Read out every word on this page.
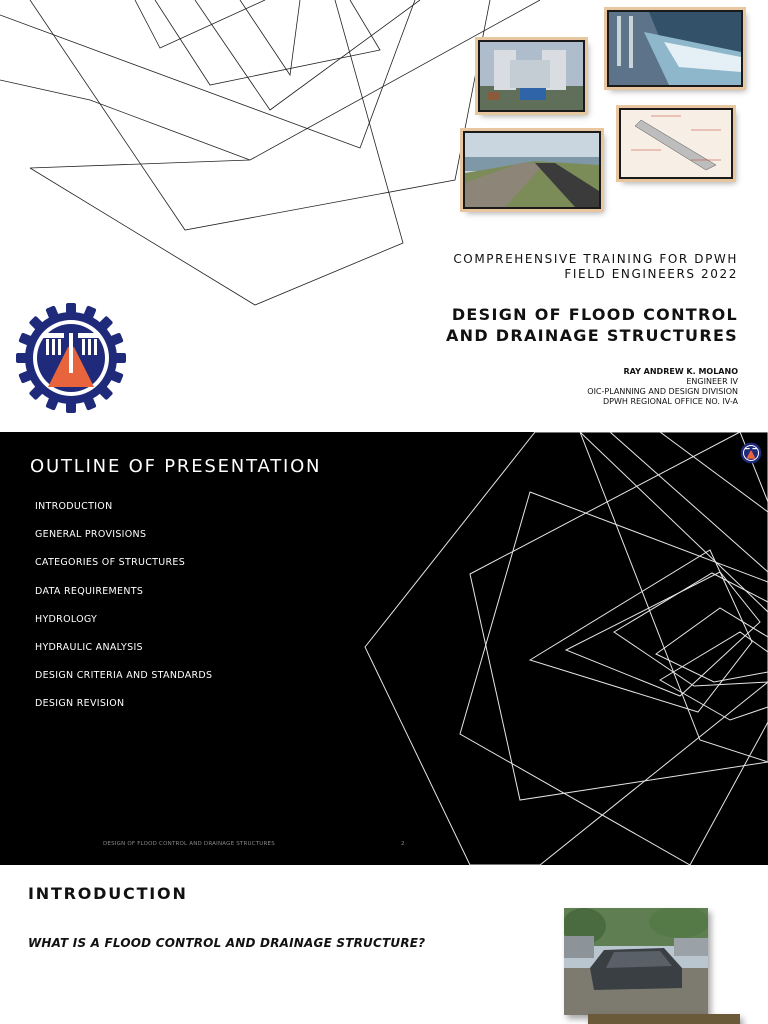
COMPREHENSIVE TRAINING FOR DPWH
FIELD ENGINEERS 2022
DESIGN OF FLOOD CONTROL
AND DRAINAGE STRUCTURES
RAY ANDREW K. MOLANO
ENGINEER IV
OIC-PLANNING AND DESIGN DIVISION
DPWH REGIONAL OFFICE NO. IV-A
OUTLINE OF PRESENTATION
INTRODUCTION
GENERAL PROVISIONS
CATEGORIES OF STRUCTURES
DATA REQUIREMENTS
HYDROLOGY
HYDRAULIC ANALYSIS
DESIGN CRITERIA AND STANDARDS
DESIGN REVISION
DESIGN OF FLOOD CONTROL AND DRAINAGE STRUCTURES	2
INTRODUCTION
WHAT IS A FLOOD CONTROL AND DRAINAGE STRUCTURE?
